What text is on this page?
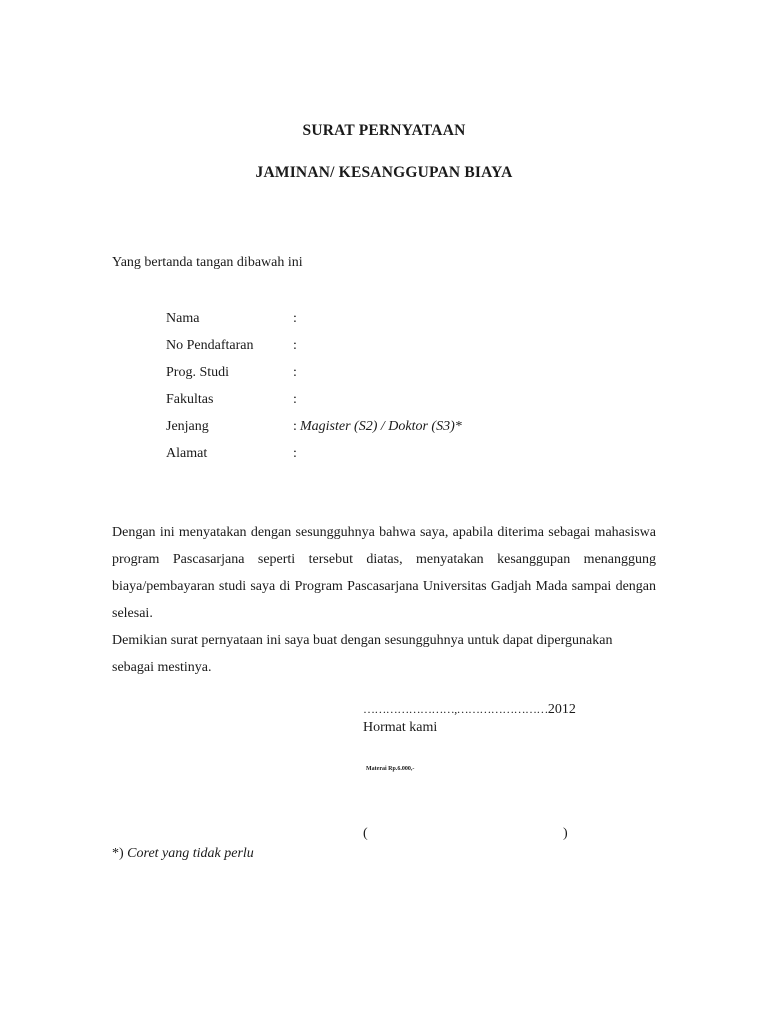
SURAT PERNYATAAN
JAMINAN/ KESANGGUPAN BIAYA
Yang bertanda tangan dibawah ini
Nama	:
No Pendaftaran	:
Prog. Studi	:
Fakultas	:
Jenjang	: Magister (S2) / Doktor (S3)*
Alamat	:

Dengan ini menyatakan dengan sesungguhnya bahwa saya, apabila diterima sebagai mahasiswa program Pascasarjana seperti tersebut diatas, menyatakan kesanggupan menanggung biaya/pembayaran studi saya di Program Pascasarjana Universitas Gadjah Mada sampai dengan selesai.

Demikian surat pernyataan ini saya buat dengan sesungguhnya untuk dapat dipergunakan sebagai mestinya.

……………………,……………………2012
Hormat kami
Materai Rp.6.000,-
(	)
*) Coret yang tidak perlu
